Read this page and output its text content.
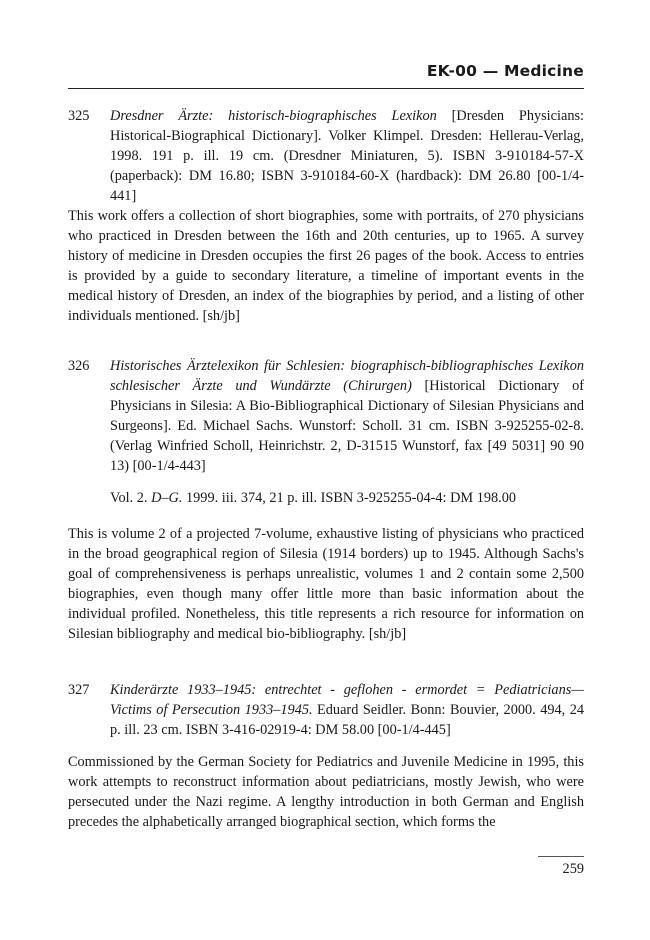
EK-00 — Medicine
325 Dresdner Ärzte: historisch-biographisches Lexikon [Dresden Physicians: Historical-Biographical Dictionary]. Volker Klimpel. Dresden: Hellerau-Verlag, 1998. 191 p. ill. 19 cm. (Dresdner Miniaturen, 5). ISBN 3-910184-57-X (paperback): DM 16.80; ISBN 3-910184-60-X (hardback): DM 26.80 [00-1/4-441]

This work offers a collection of short biographies, some with portraits, of 270 physicians who practiced in Dresden between the 16th and 20th centuries, up to 1965. A survey history of medicine in Dresden occupies the first 26 pages of the book. Access to entries is provided by a guide to secondary literature, a timeline of important events in the medical history of Dresden, an index of the biographies by period, and a listing of other individuals mentioned. [sh/jb]

326 Historisches Ärztelexikon für Schlesien: biographisch-bibliographisches Lexikon schlesischer Ärzte und Wundärzte (Chirurgen) [Historical Dictionary of Physicians in Silesia: A Bio-Bibliographical Dictionary of Silesian Physicians and Surgeons]. Ed. Michael Sachs. Wunstorf: Scholl. 31 cm. ISBN 3-925255-02-8. (Verlag Winfried Scholl, Heinrichstr. 2, D-31515 Wunstorf, fax [49 5031] 90 90 13) [00-1/4-443]
Vol. 2. D–G. 1999. iii. 374, 21 p. ill. ISBN 3-925255-04-4: DM 198.00

This is volume 2 of a projected 7-volume, exhaustive listing of physicians who practiced in the broad geographical region of Silesia (1914 borders) up to 1945. Although Sachs's goal of comprehensiveness is perhaps unrealistic, volumes 1 and 2 contain some 2,500 biographies, even though many offer little more than basic information about the individual profiled. Nonetheless, this title represents a rich resource for information on Silesian bibliography and medical bio-bibliography. [sh/jb]

327 Kinderärzte 1933–1945: entrechtet - geflohen - ermordet = Pediatricians—Victims of Persecution 1933–1945. Eduard Seidler. Bonn: Bouvier, 2000. 494, 24 p. ill. 23 cm. ISBN 3-416-02919-4: DM 58.00 [00-1/4-445]

Commissioned by the German Society for Pediatrics and Juvenile Medicine in 1995, this work attempts to reconstruct information about pediatricians, mostly Jewish, who were persecuted under the Nazi regime. A lengthy introduction in both German and English precedes the alphabetically arranged biographical section, which forms the

259
